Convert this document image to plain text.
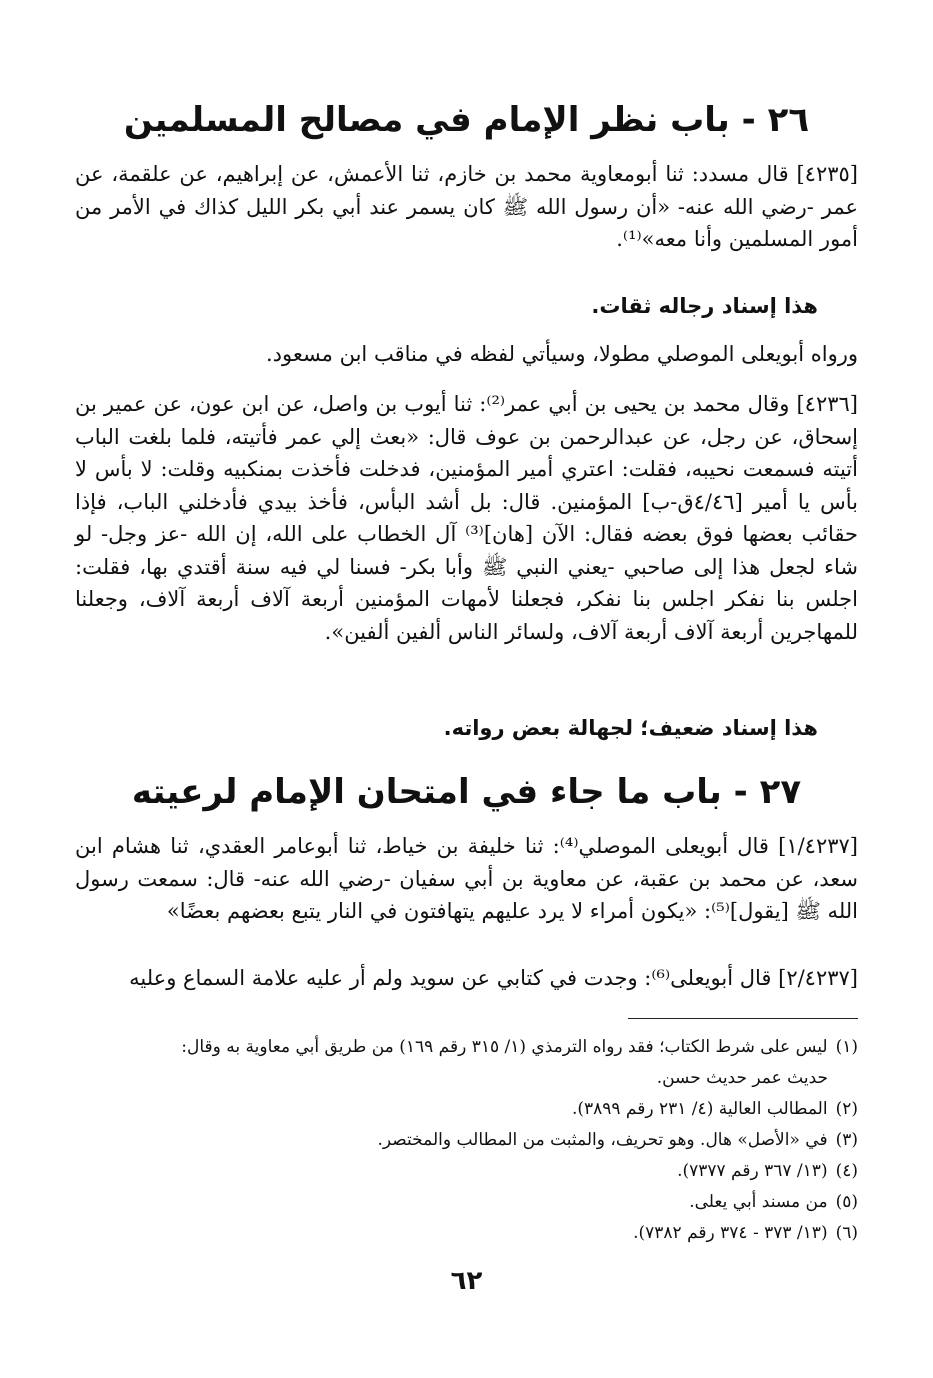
٢٦ - باب نظر الإمام في مصالح المسلمين
[٤٢٣٥] قال مسدد: ثنا أبومعاوية محمد بن خازم، ثنا الأعمش، عن إبراهيم، عن علقمة، عن عمر -رضي الله عنه- «أن رسول الله ﷺ كان يسمر عند أبي بكر الليل كذاك في الأمر من أمور المسلمين وأنا معه»⁽¹⁾.
هذا إسناد رجاله ثقات.
ورواه أبويعلى الموصلي مطولا، وسيأتي لفظه في مناقب ابن مسعود.
[٤٢٣٦] وقال محمد بن يحيى بن أبي عمر⁽²⁾: ثنا أيوب بن واصل، عن ابن عون، عن عمير بن إسحاق، عن رجل، عن عبدالرحمن بن عوف قال: «بعث إلي عمر فأتيته، فلما بلغت الباب أتيته فسمعت نحيبه، فقلت: اعتري أمير المؤمنين، فدخلت فأخذت بمنكبيه وقلت: لا بأس لا بأس يا أمير [٤/٤٦ق-ب] المؤمنين. قال: بل أشد البأس، فأخذ بيدي فأدخلني الباب، فإذا حقائب بعضها فوق بعضه فقال: الآن [هان]⁽³⁾ آل الخطاب على الله، إن الله -عز وجل- لو شاء لجعل هذا إلى صاحبي -يعني النبي ﷺ وأبا بكر- فسنا لي فيه سنة أقتدي بها، فقلت: اجلس بنا نفكر اجلس بنا نفكر، فجعلنا لأمهات المؤمنين أربعة آلاف أربعة آلاف، وجعلنا للمهاجرين أربعة آلاف أربعة آلاف، ولسائر الناس ألفين ألفين».
هذا إسناد ضعيف؛ لجهالة بعض رواته.
٢٧ - باب ما جاء في امتحان الإمام لرعيته
[١/٤٢٣٧] قال أبويعلى الموصلي⁽⁴⁾: ثنا خليفة بن خياط، ثنا أبوعامر العقدي، ثنا هشام ابن سعد، عن محمد بن عقبة، عن معاوية بن أبي سفيان -رضي الله عنه- قال: سمعت رسول الله ﷺ [يقول]⁽⁵⁾: «يكون أمراء لا يرد عليهم يتهافتون في النار يتبع بعضهم بعضًا»
[٢/٤٢٣٧] قال أبويعلى⁽⁶⁾: وجدت في كتابي عن سويد ولم أر عليه علامة السماع وعليه
(١)ليس على شرط الكتاب؛ فقد رواه الترمذي (١/ ٣١٥ رقم ١٦٩) من طريق أبي معاوية به وقال:
حديث عمر حديث حسن.
(٢)المطالب العالية (٤/ ٢٣١ رقم ٣٨٩٩).
(٣)في «الأصل» هال. وهو تحريف، والمثبت من المطالب والمختصر.
(٤)(١٣/ ٣٦٧ رقم ٧٣٧٧).
(٥)من مسند أبي يعلى.
(٦)(١٣/ ٣٧٣ - ٣٧٤ رقم ٧٣٨٢).
٦٢
